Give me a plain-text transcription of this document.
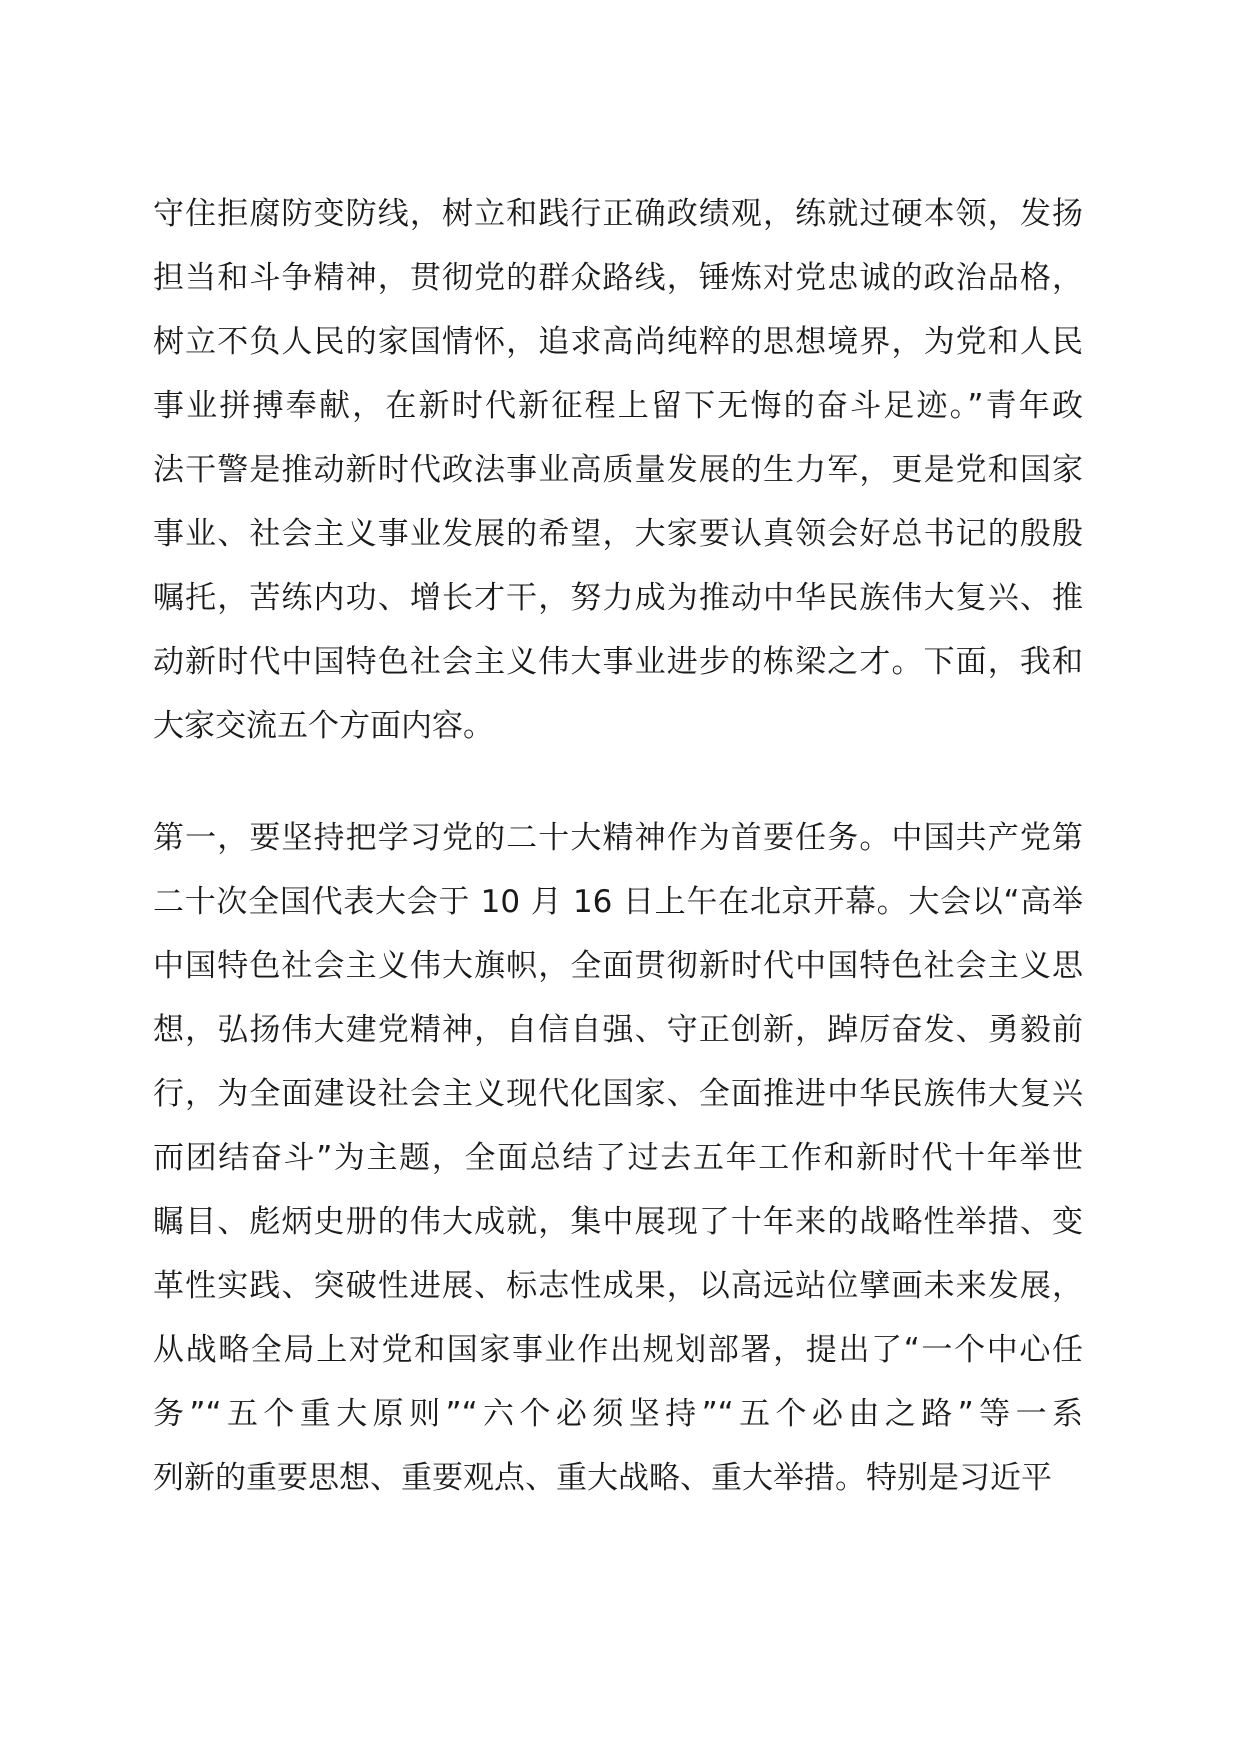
守住拒腐防变防线，树立和践行正确政绩观，练就过硬本领，发扬
担当和斗争精神，贯彻党的群众路线，锤炼对党忠诚的政治品格，
树立不负人民的家国情怀，追求高尚纯粹的思想境界，为党和人民
事业拼搏奉献，在新时代新征程上留下无悔的奋斗足迹。”青年政
法干警是推动新时代政法事业高质量发展的生力军，更是党和国家
事业、社会主义事业发展的希望，大家要认真领会好总书记的殷殷
嘱托，苦练内功、增长才干，努力成为推动中华民族伟大复兴、推
动新时代中国特色社会主义伟大事业进步的栋梁之才。下面，我和
大家交流五个方面内容。
第一，要坚持把学习党的二十大精神作为首要任务。中国共产党第
二十次全国代表大会于 10 月 16 日上午在北京开幕。大会以“高举
中国特色社会主义伟大旗帜，全面贯彻新时代中国特色社会主义思
想，弘扬伟大建党精神，自信自强、守正创新，踔厉奋发、勇毅前
行，为全面建设社会主义现代化国家、全面推进中华民族伟大复兴
而团结奋斗”为主题，全面总结了过去五年工作和新时代十年举世
瞩目、彪炳史册的伟大成就，集中展现了十年来的战略性举措、变
革性实践、突破性进展、标志性成果，以高远站位擘画未来发展，
从战略全局上对党和国家事业作出规划部署，提出了“一个中心任
务”“五个重大原则”“六个必须坚持”“五个必由之路”等一系
列新的重要思想、重要观点、重大战略、重大举措。特别是习近平
